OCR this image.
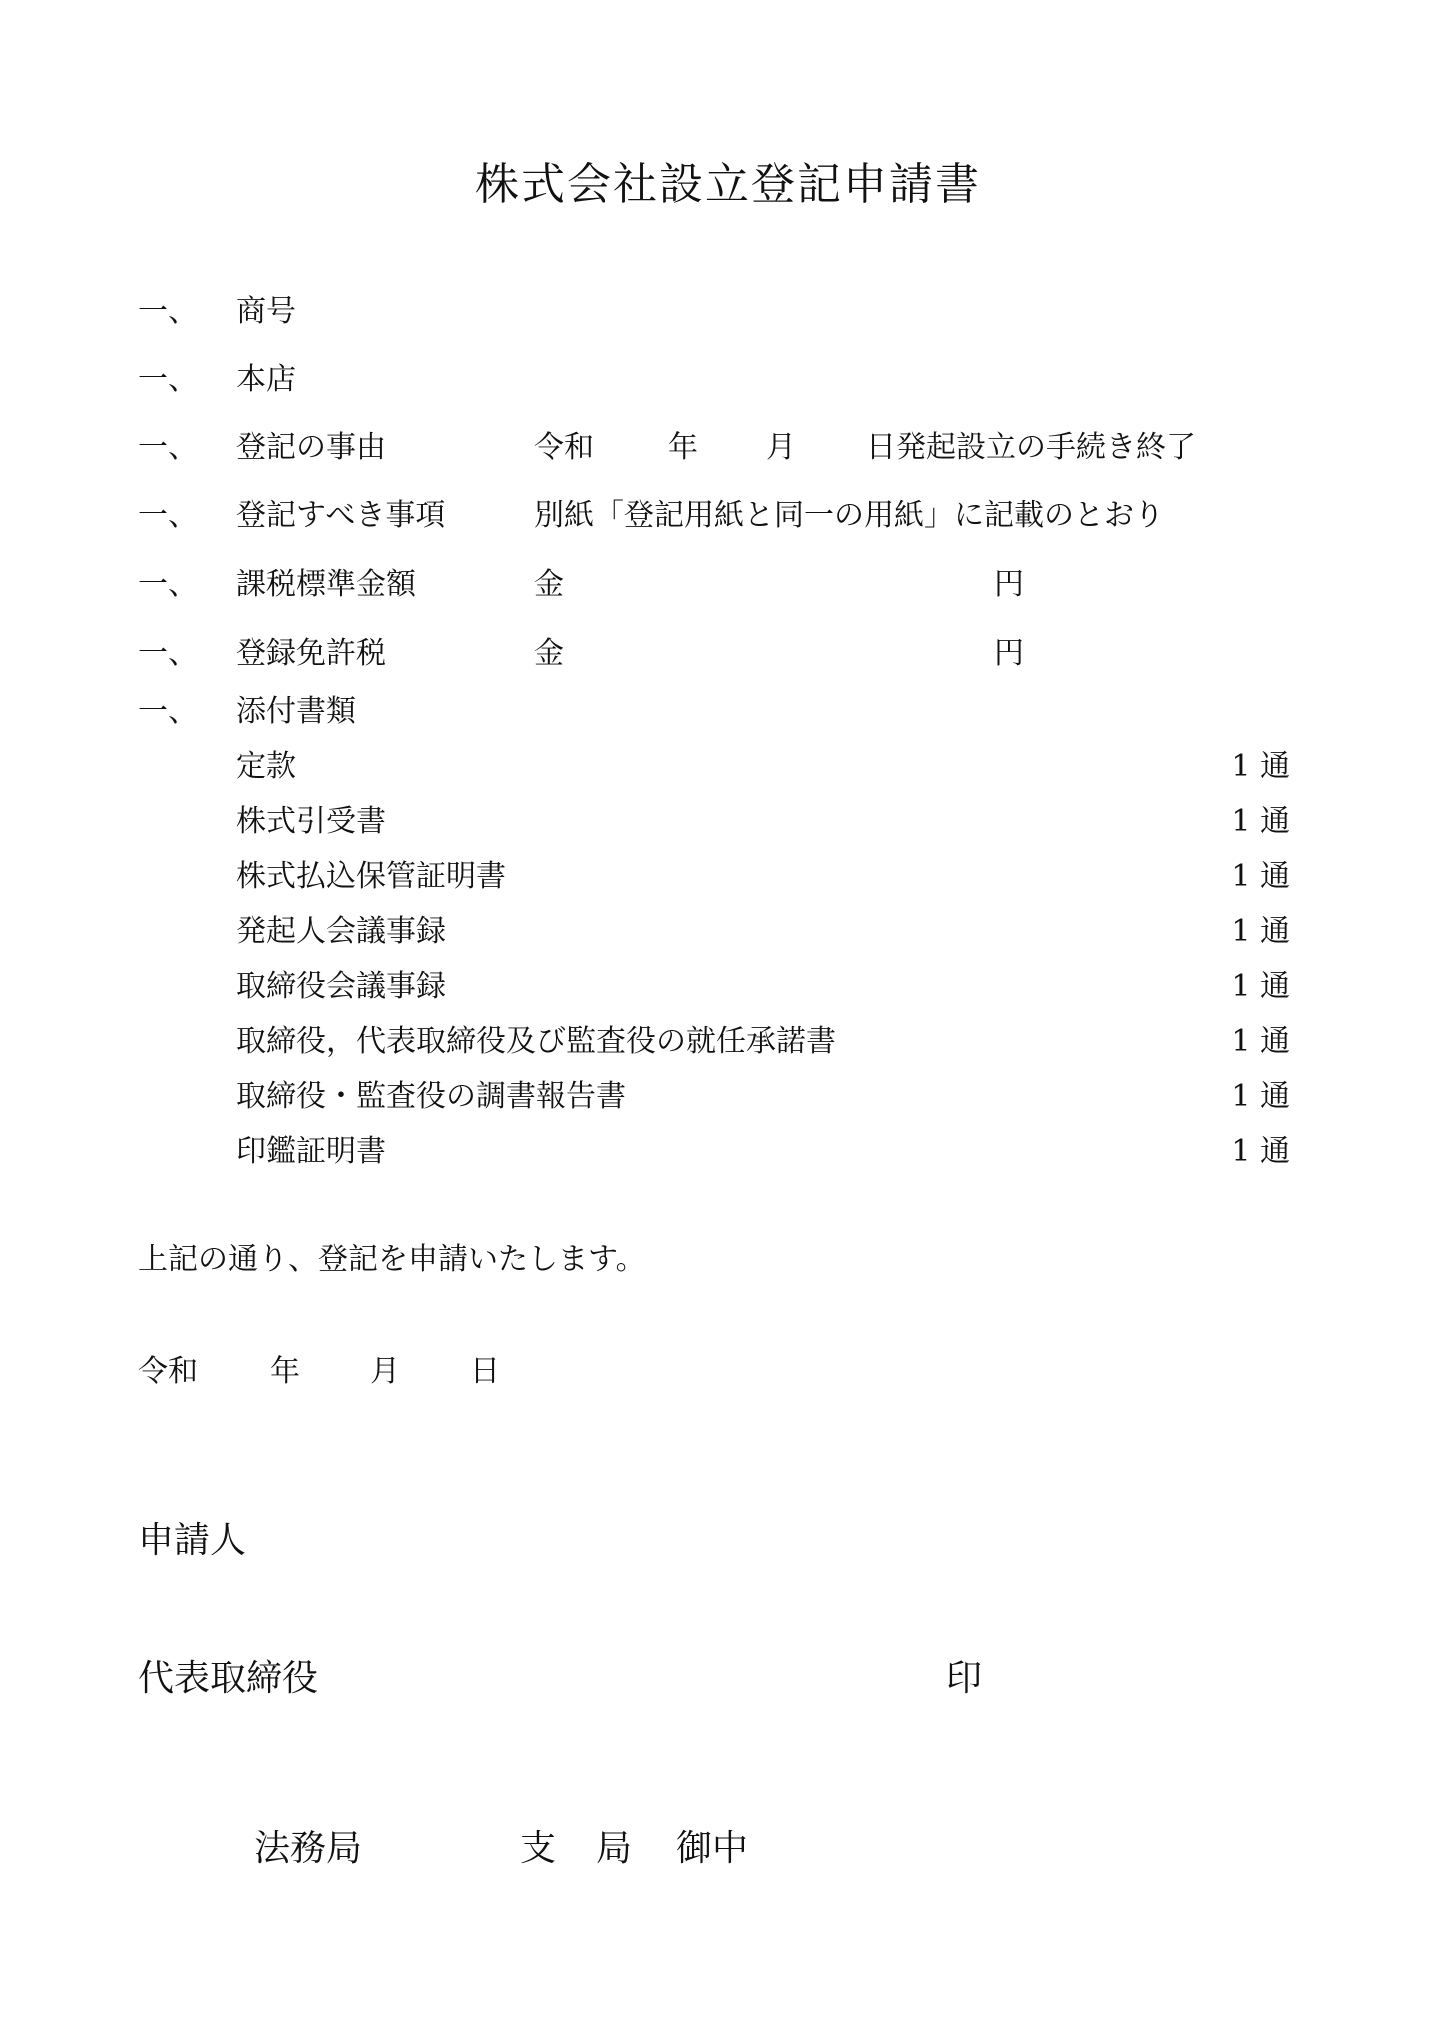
株式会社設立登記申請書
一、 商号
一、 本店
一、 登記の事由	令和 年 月 日発起設立の手続き終了
一、 登記すべき事項	別紙「登記用紙と同一の用紙」に記載のとおり
一、 課税標準金額	金	円
一、 登録免許税	金	円
一、 添付書類
定款	1 通
株式引受書	1 通
株式払込保管証明書	1 通
発起人会議事録	1 通
取締役会議事録	1 通
取締役，代表取締役及び監査役の就任承諾書	1 通
取締役・監査役の調書報告書	1 通
印鑑証明書	1 通
上記の通り、登記を申請いたします。
令和 年 月 日
申請人
代表取締役	印
法務局	支 局 御中
